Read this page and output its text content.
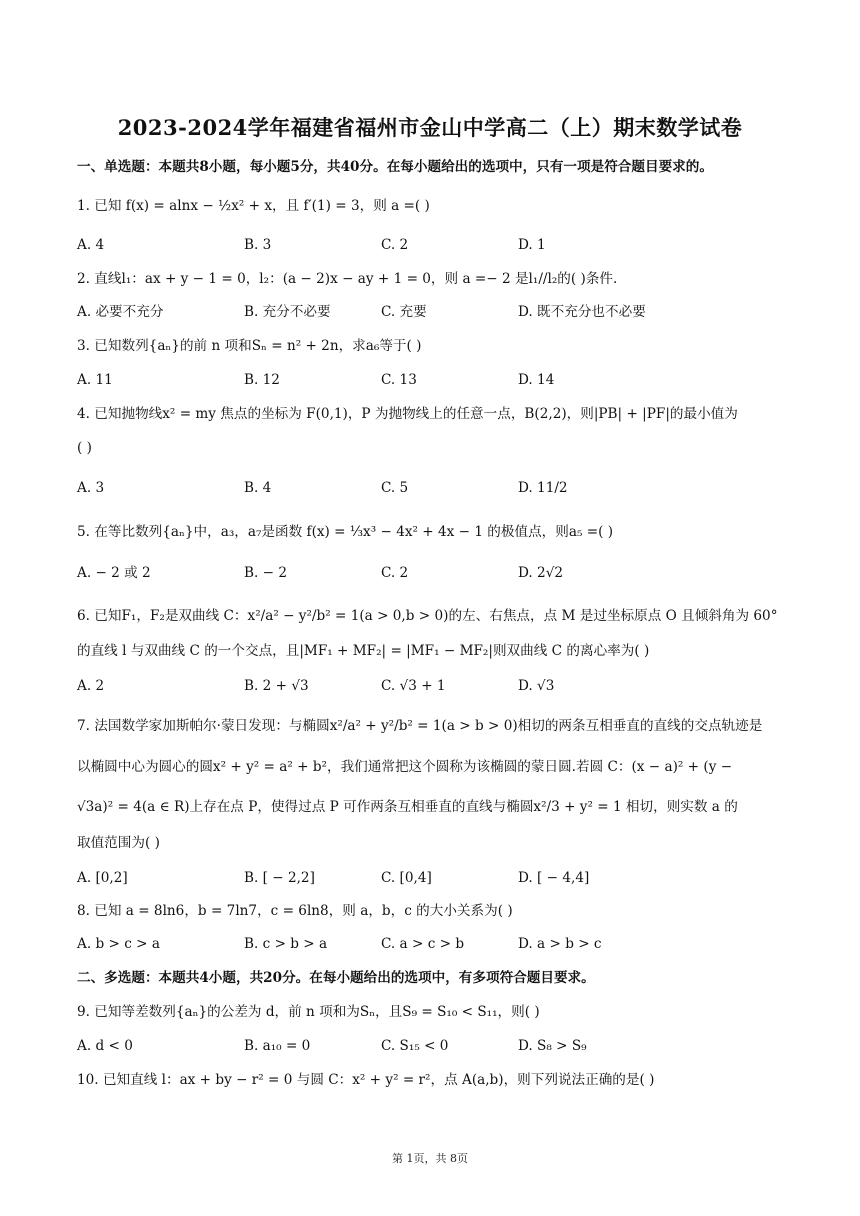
2023-2024学年福建省福州市金山中学高二（上）期末数学试卷
一、单选题：本题共8小题，每小题5分，共40分。在每小题给出的选项中，只有一项是符合题目要求的。
1. 已知 f(x) = alnx − ½x² + x，且 f′(1) = 3，则 a =( )
A. 4	B. 3	C. 2	D. 1
2. 直线l₁：ax + y − 1 = 0，l₂：(a − 2)x − ay + 1 = 0，则 a =− 2 是l₁//l₂的( )条件.
A. 必要不充分	B. 充分不必要	C. 充要	D. 既不充分也不必要
3. 已知数列{aₙ}的前 n 项和Sₙ = n² + 2n，求a₆等于( )
A. 11	B. 12	C. 13	D. 14
4. 已知抛物线x² = my 焦点的坐标为 F(0,1)，P 为抛物线上的任意一点，B(2,2)，则|PB| + |PF|的最小值为
( )
A. 3	B. 4	C. 5	D. 11/2
5. 在等比数列{aₙ}中，a₃，a₇是函数 f(x) = ⅓x³ − 4x² + 4x − 1 的极值点，则a₅ =( )
A. − 2 或 2	B. − 2	C. 2	D. 2√2
6. 已知F₁，F₂是双曲线 C：x²/a² − y²/b² = 1(a > 0,b > 0)的左、右焦点，点 M 是过坐标原点 O 且倾斜角为 60°
的直线 l 与双曲线 C 的一个交点，且|MF₁ + MF₂| = |MF₁ − MF₂|则双曲线 C 的离心率为( )
A. 2	B. 2 + √3	C. √3 + 1	D. √3
7. 法国数学家加斯帕尔·蒙日发现：与椭圆x²/a² + y²/b² = 1(a > b > 0)相切的两条互相垂直的直线的交点轨迹是
以椭圆中心为圆心的圆x² + y² = a² + b²，我们通常把这个圆称为该椭圆的蒙日圆.若圆 C：(x − a)² + (y −
√3a)² = 4(a ∈ R)上存在点 P，使得过点 P 可作两条互相垂直的直线与椭圆x²/3 + y² = 1 相切，则实数 a 的
取值范围为( )
A. [0,2]	B. [ − 2,2]	C. [0,4]	D. [ − 4,4]
8. 已知 a = 8ln6，b = 7ln7，c = 6ln8，则 a，b，c 的大小关系为( )
A. b > c > a	B. c > b > a	C. a > c > b	D. a > b > c
二、多选题：本题共4小题，共20分。在每小题给出的选项中，有多项符合题目要求。
9. 已知等差数列{aₙ}的公差为 d，前 n 项和为Sₙ，且S₉ = S₁₀ < S₁₁，则( )
A. d < 0	B. a₁₀ = 0	C. S₁₅ < 0	D. S₈ > S₉
10. 已知直线 l：ax + by − r² = 0 与圆 C：x² + y² = r²，点 A(a,b)，则下列说法正确的是( )
第 1页，共 8页
